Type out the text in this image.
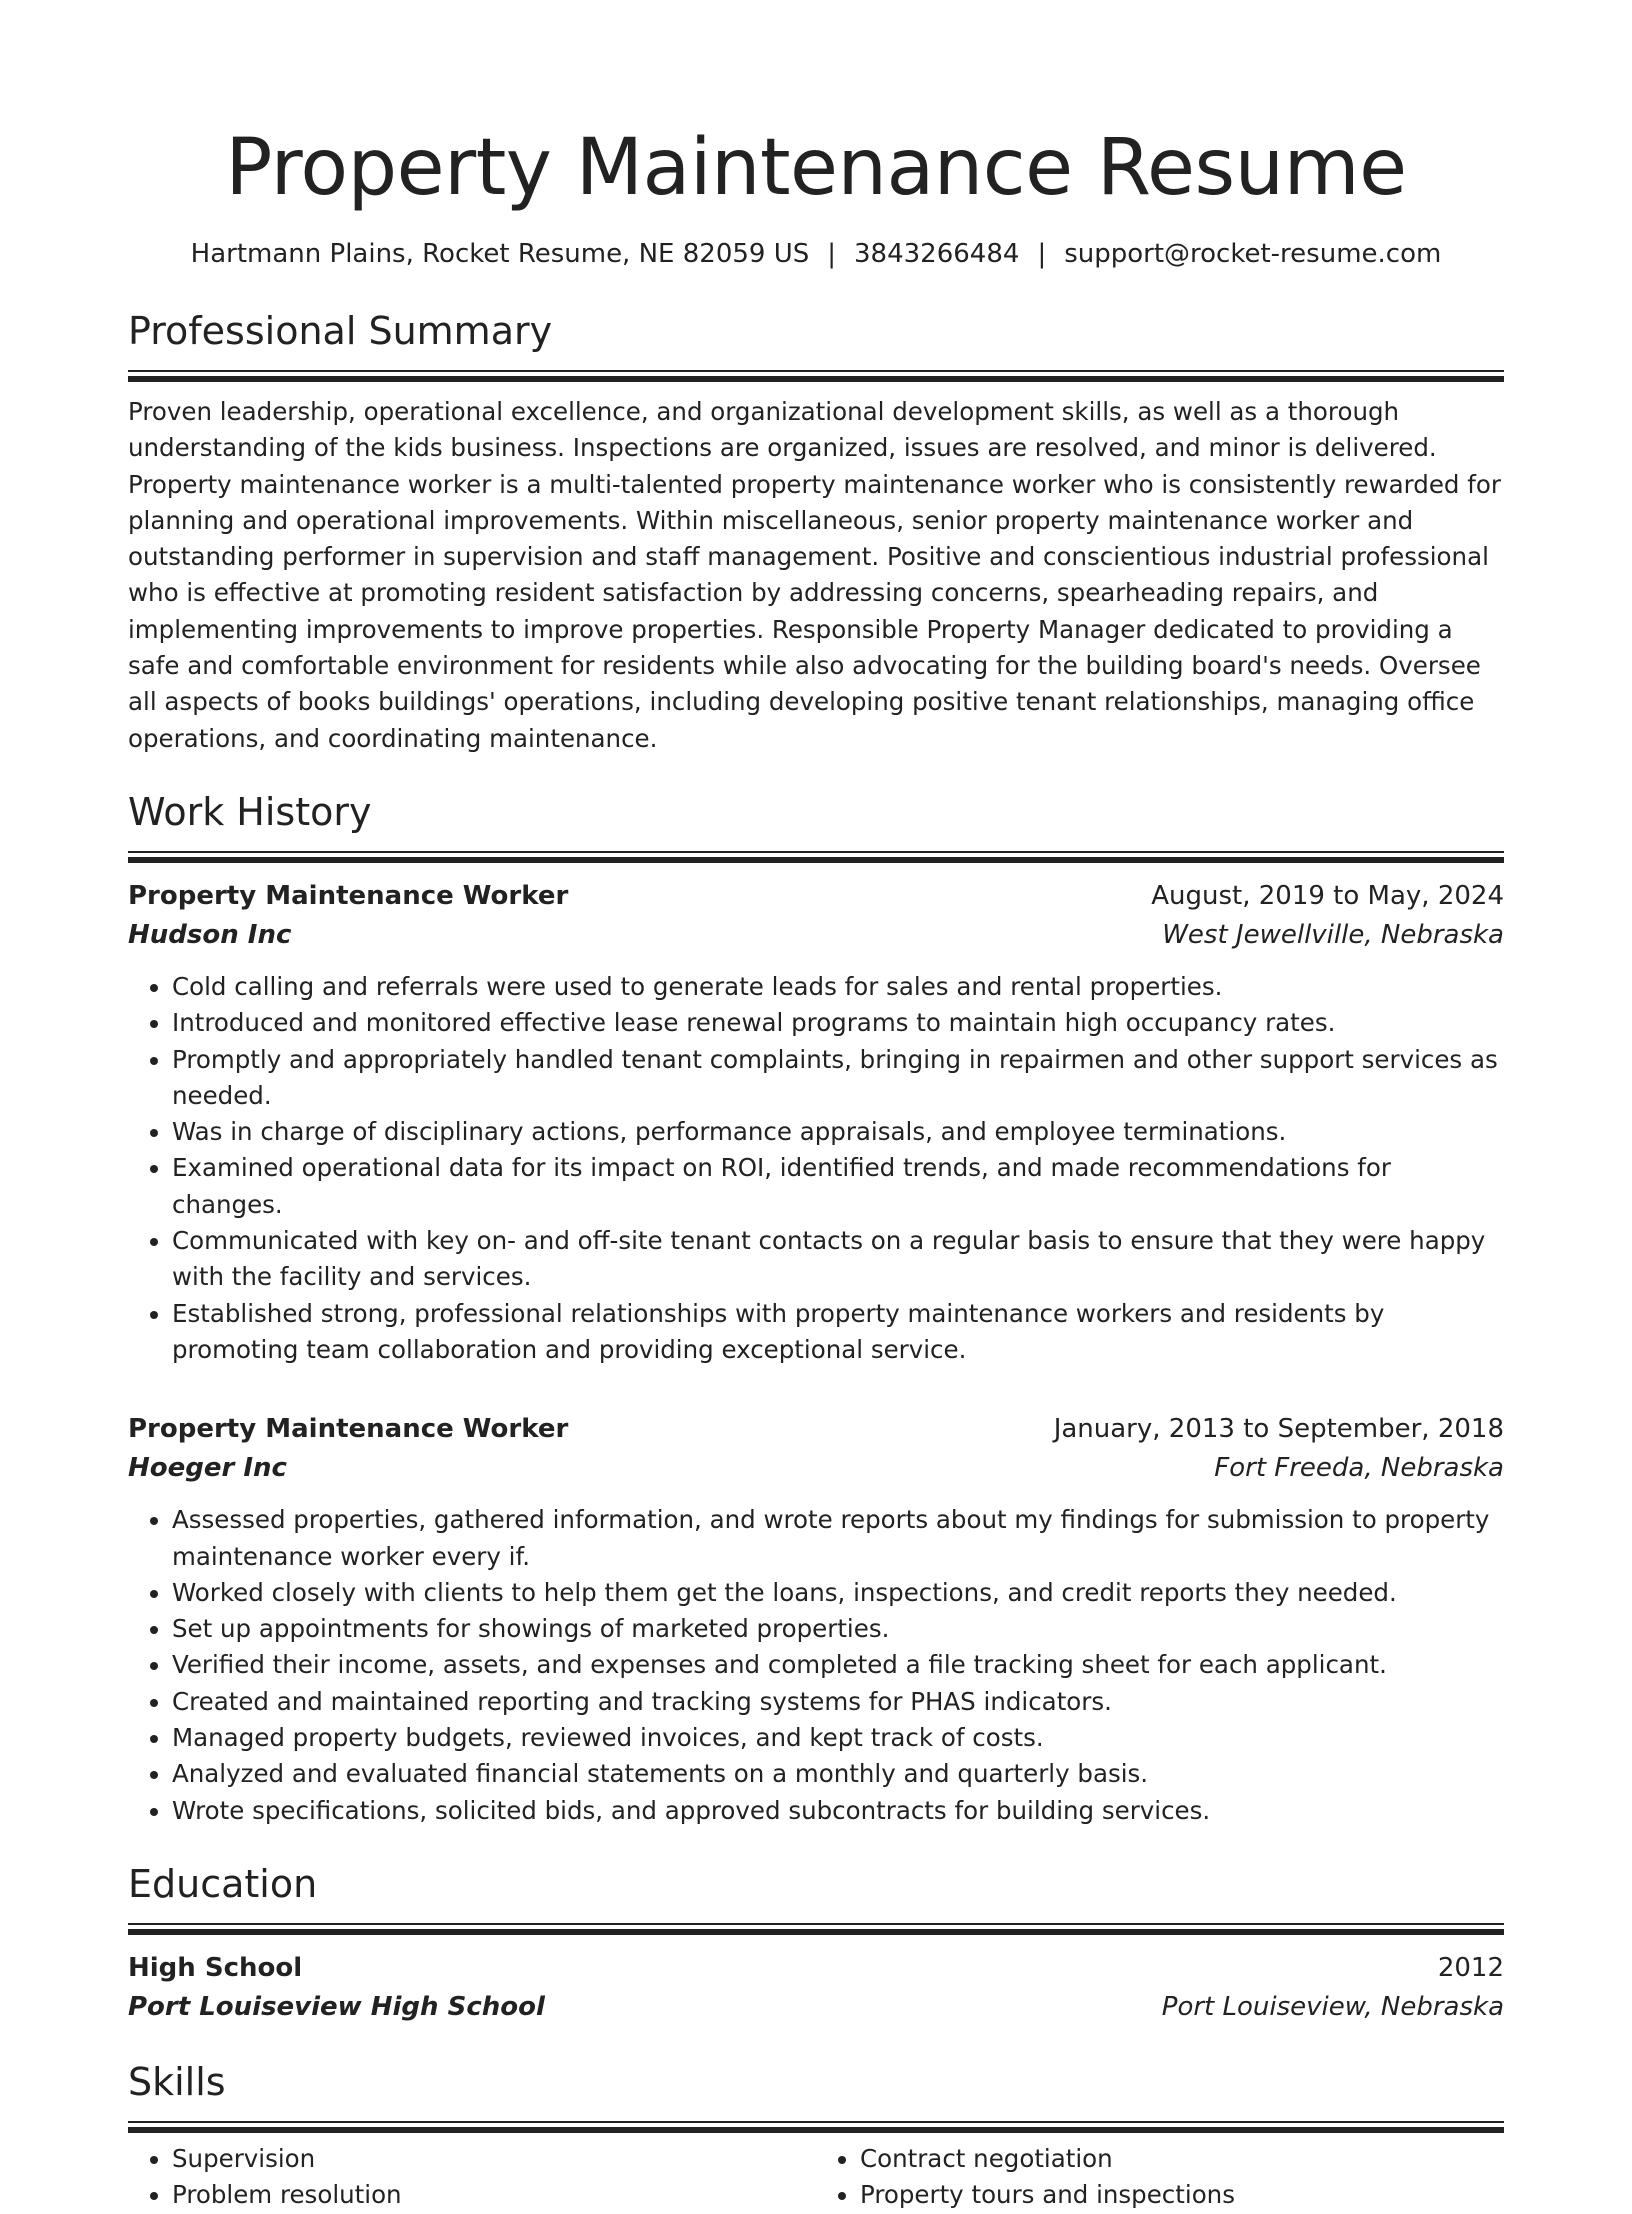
Property Maintenance Resume
Hartmann Plains, Rocket Resume, NE 82059 US | 3843266484 | support@rocket-resume.com
Professional Summary

Proven leadership, operational excellence, and organizational development skills, as well as a thorough understanding of the kids business. Inspections are organized, issues are resolved, and minor is delivered. Property maintenance worker is a multi-talented property maintenance worker who is consistently rewarded for planning and operational improvements. Within miscellaneous, senior property maintenance worker and outstanding performer in supervision and staff management. Positive and conscientious industrial professional who is effective at promoting resident satisfaction by addressing concerns, spearheading repairs, and implementing improvements to improve properties. Responsible Property Manager dedicated to providing a safe and comfortable environment for residents while also advocating for the building board's needs. Oversee all aspects of books buildings' operations, including developing positive tenant relationships, managing office operations, and coordinating maintenance.

Work History
Property Maintenance Worker	August, 2019 to May, 2024
Hudson Inc	West Jewellville, Nebraska
• Cold calling and referrals were used to generate leads for sales and rental properties.
• Introduced and monitored effective lease renewal programs to maintain high occupancy rates.
• Promptly and appropriately handled tenant complaints, bringing in repairmen and other support services as needed.
• Was in charge of disciplinary actions, performance appraisals, and employee terminations.
• Examined operational data for its impact on ROI, identified trends, and made recommendations for changes.
• Communicated with key on- and off-site tenant contacts on a regular basis to ensure that they were happy with the facility and services.
• Established strong, professional relationships with property maintenance workers and residents by promoting team collaboration and providing exceptional service.
Property Maintenance Worker	January, 2013 to September, 2018
Hoeger Inc	Fort Freeda, Nebraska
• Assessed properties, gathered information, and wrote reports about my findings for submission to property maintenance worker every if.
• Worked closely with clients to help them get the loans, inspections, and credit reports they needed.
• Set up appointments for showings of marketed properties.
• Verified their income, assets, and expenses and completed a file tracking sheet for each applicant.
• Created and maintained reporting and tracking systems for PHAS indicators.
• Managed property budgets, reviewed invoices, and kept track of costs.
• Analyzed and evaluated financial statements on a monthly and quarterly basis.
• Wrote specifications, solicited bids, and approved subcontracts for building services.
Education
High School	2012
Port Louiseview High School	Port Louiseview, Nebraska
Skills
• Supervision
• Problem resolution
• Contract negotiation
• Property tours and inspections
